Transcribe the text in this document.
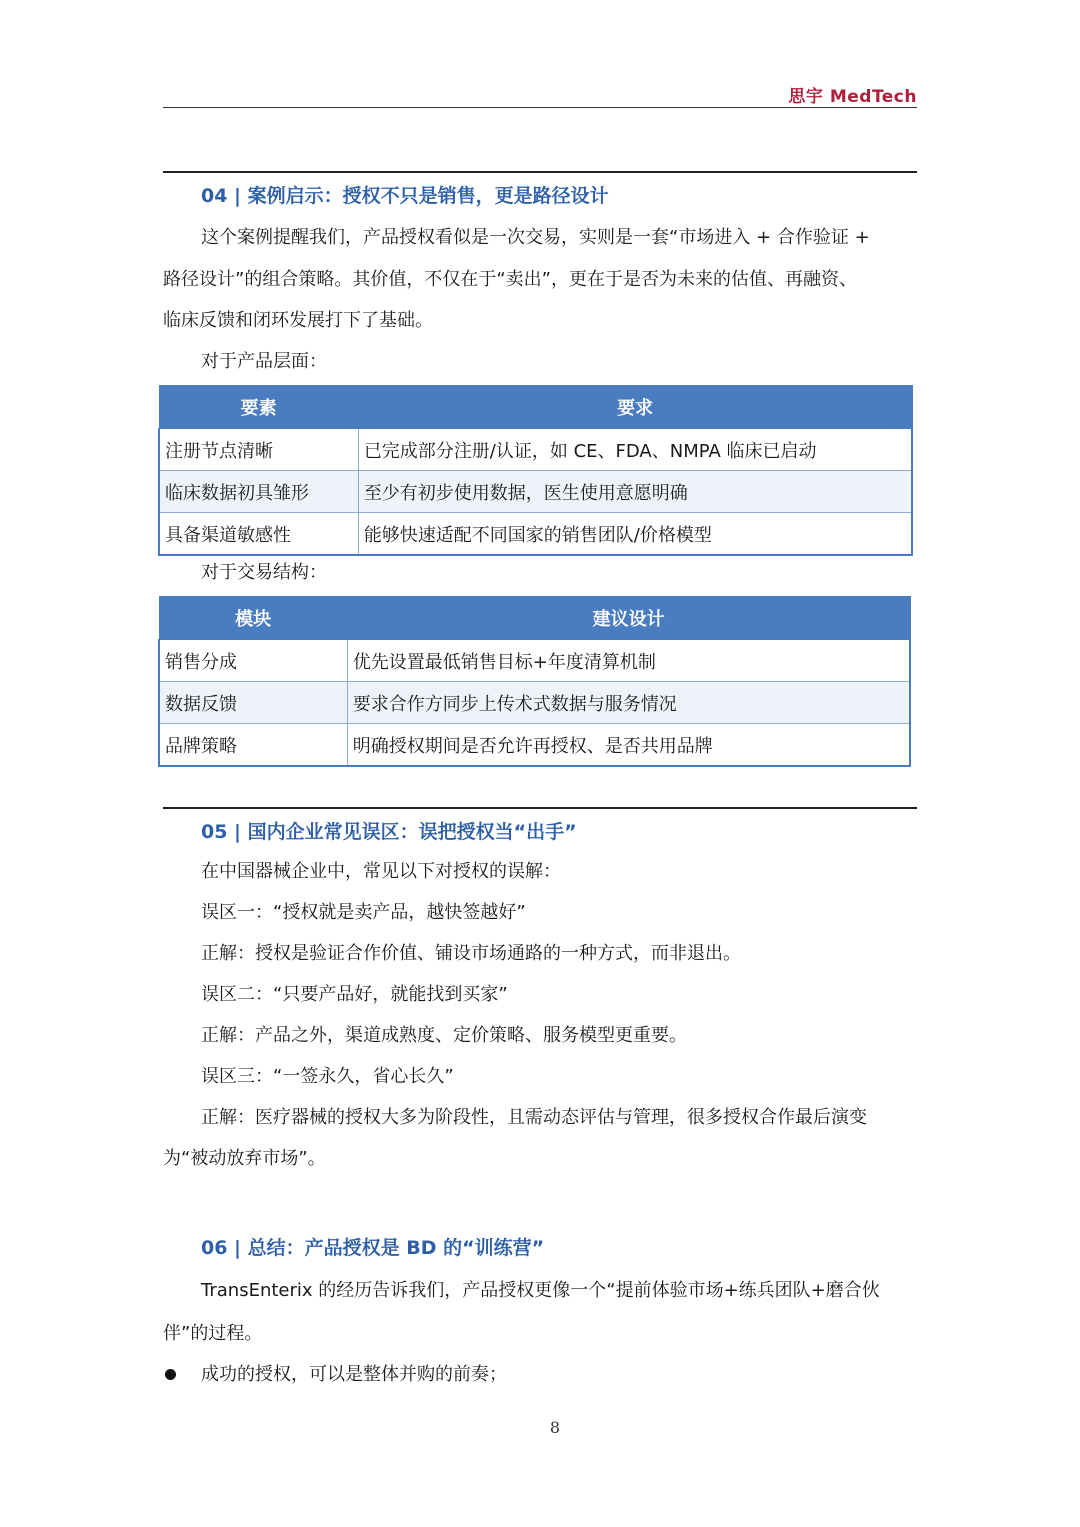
思宇 MedTech
04 | 案例启示：授权不只是销售，更是路径设计
这个案例提醒我们，产品授权看似是一次交易，实则是一套“市场进入 + 合作验证 +
路径设计”的组合策略。其价值，不仅在于“卖出”，更在于是否为未来的估值、再融资、
临床反馈和闭环发展打下了基础。
对于产品层面：
要素	要求
注册节点清晰	已完成部分注册/认证，如 CE、FDA、NMPA 临床已启动
临床数据初具雏形	至少有初步使用数据，医生使用意愿明确
具备渠道敏感性	能够快速适配不同国家的销售团队/价格模型
对于交易结构：
模块	建议设计
销售分成	优先设置最低销售目标+年度清算机制
数据反馈	要求合作方同步上传术式数据与服务情况
品牌策略	明确授权期间是否允许再授权、是否共用品牌
05 | 国内企业常见误区：误把授权当“出手”
在中国器械企业中，常见以下对授权的误解：
误区一：“授权就是卖产品，越快签越好”
正解：授权是验证合作价值、铺设市场通路的一种方式，而非退出。
误区二：“只要产品好，就能找到买家”
正解：产品之外，渠道成熟度、定价策略、服务模型更重要。
误区三：“一签永久，省心长久”
正解：医疗器械的授权大多为阶段性，且需动态评估与管理，很多授权合作最后演变
为“被动放弃市场”。
06 | 总结：产品授权是 BD 的“训练营”
TransEnterix 的经历告诉我们，产品授权更像一个“提前体验市场+练兵团队+磨合伙
伴”的过程。
成功的授权，可以是整体并购的前奏；
8
